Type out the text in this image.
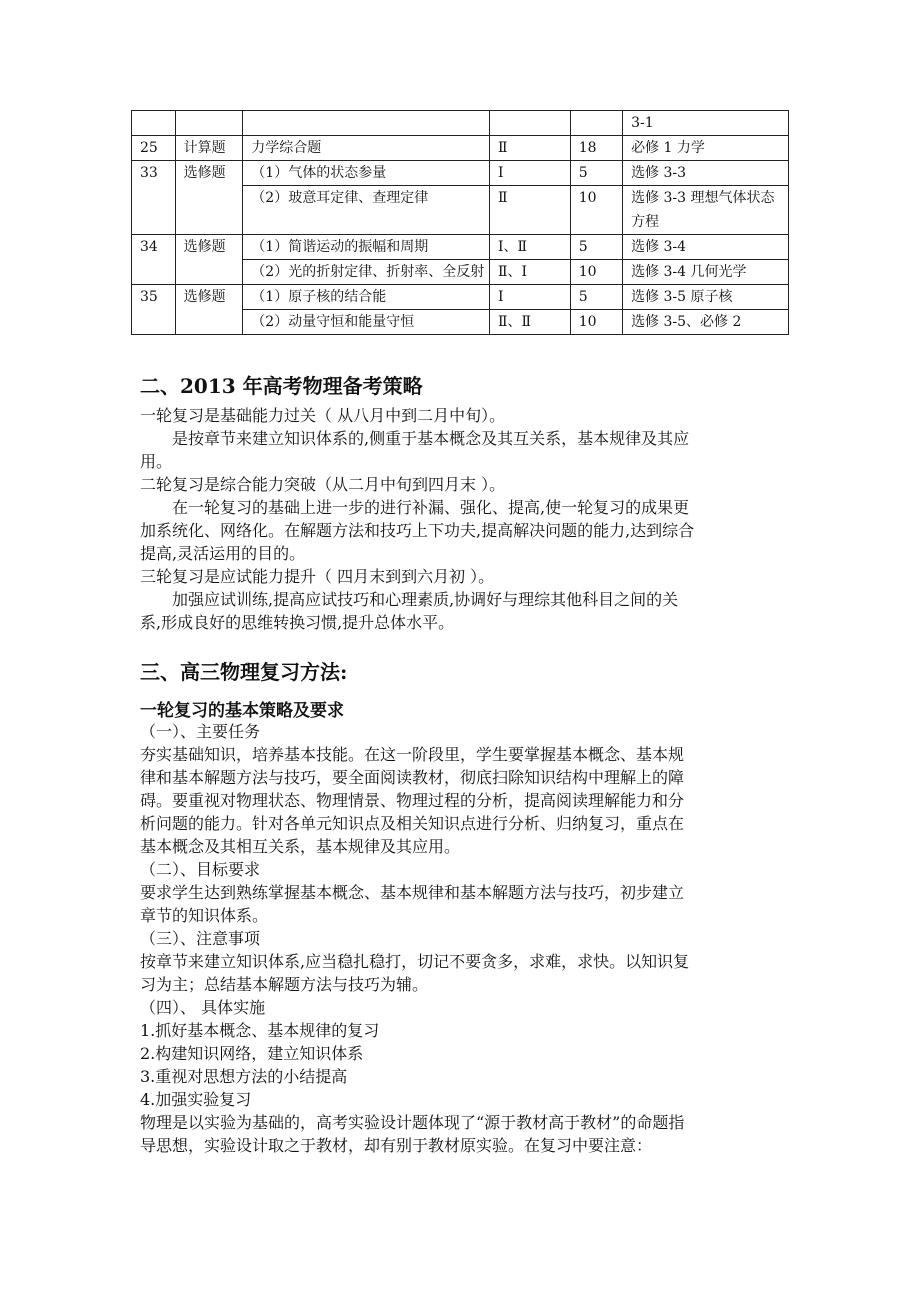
					3-1
25	计算题	力学综合题	Ⅱ	18	必修 1 力学
33	选修题	（1）气体的状态参量	Ⅰ	5	选修 3-3
		（2）玻意耳定律、查理定律	Ⅱ	10	选修 3-3 理想气体状态方程
34	选修题	（1）简谐运动的振幅和周期	Ⅰ、Ⅱ	5	选修 3-4
		（2）光的折射定律、折射率、全反射	Ⅱ、Ⅰ	10	选修 3-4 几何光学
35	选修题	（1）原子核的结合能	Ⅰ	5	选修 3-5 原子核
		（2）动量守恒和能量守恒	Ⅱ、Ⅱ	10	选修 3-5、必修 2
二、2013 年高考物理备考策略
一轮复习是基础能力过关（ 从八月中到二月中旬）。
　　是按章节来建立知识体系的,侧重于基本概念及其互关系，基本规律及其应
用。
二轮复习是综合能力突破（从二月中旬到四月末 ）。
　　在一轮复习的基础上进一步的进行补漏、强化、提高,使一轮复习的成果更
加系统化、网络化。在解题方法和技巧上下功夫,提高解决问题的能力,达到综合
提高,灵活运用的目的。
三轮复习是应试能力提升（ 四月末到到六月初 ）。
　　加强应试训练,提高应试技巧和心理素质,协调好与理综其他科目之间的关
系,形成良好的思维转换习惯,提升总体水平。
三、高三物理复习方法:
一轮复习的基本策略及要求
（一）、主要任务
夯实基础知识，培养基本技能。在这一阶段里，学生要掌握基本概念、基本规
律和基本解题方法与技巧，要全面阅读教材，彻底扫除知识结构中理解上的障
碍。要重视对物理状态、物理情景、物理过程的分析，提高阅读理解能力和分
析问题的能力。针对各单元知识点及相关知识点进行分析、归纳复习，重点在
基本概念及其相互关系，基本规律及其应用。
（二）、目标要求
要求学生达到熟练掌握基本概念、基本规律和基本解题方法与技巧，初步建立
章节的知识体系。
（三）、注意事项
按章节来建立知识体系,应当稳扎稳打，切记不要贪多，求难，求快。以知识复
习为主；总结基本解题方法与技巧为辅。
（四）、 具体实施
1.抓好基本概念、基本规律的复习
2.构建知识网络，建立知识体系
3.重视对思想方法的小结提高
4.加强实验复习
物理是以实验为基础的，高考实验设计题体现了“源于教材高于教材”的命题指
导思想，实验设计取之于教材，却有别于教材原实验。在复习中要注意：
